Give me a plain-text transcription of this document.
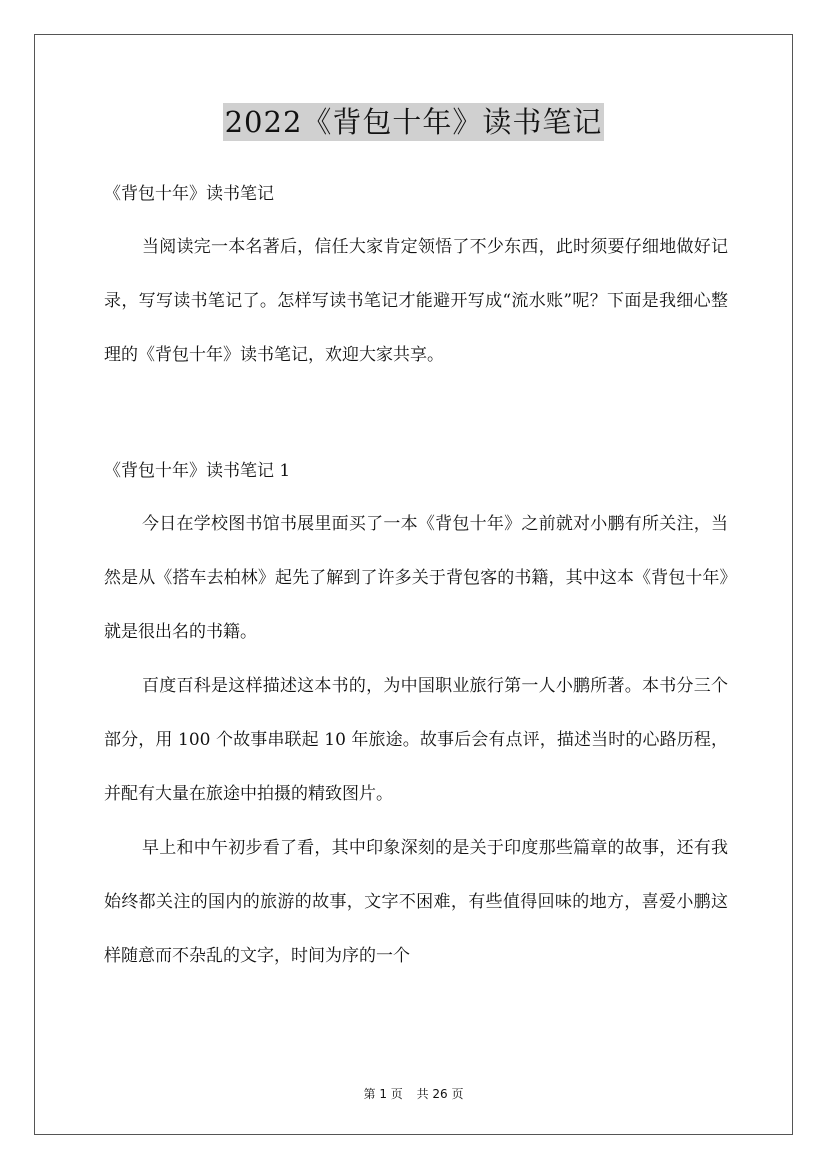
2022《背包十年》读书笔记

《背包十年》读书笔记

当阅读完一本名著后，信任大家肯定领悟了不少东西，此时须要仔细地做好记录，写写读书笔记了。怎样写读书笔记才能避开写成“流水账”呢？下面是我细心整理的《背包十年》读书笔记，欢迎大家共享。

《背包十年》读书笔记 1

今日在学校图书馆书展里面买了一本《背包十年》之前就对小鹏有所关注，当然是从《搭车去柏林》起先了解到了许多关于背包客的书籍，其中这本《背包十年》就是很出名的书籍。

百度百科是这样描述这本书的，为中国职业旅行第一人小鹏所著。本书分三个部分，用 100 个故事串联起 10 年旅途。故事后会有点评，描述当时的心路历程，并配有大量在旅途中拍摄的精致图片。

早上和中午初步看了看，其中印象深刻的是关于印度那些篇章的故事，还有我始终都关注的国内的旅游的故事，文字不困难，有些值得回味的地方，喜爱小鹏这样随意而不杂乱的文字，时间为序的一个

第 1 页 共 26 页
